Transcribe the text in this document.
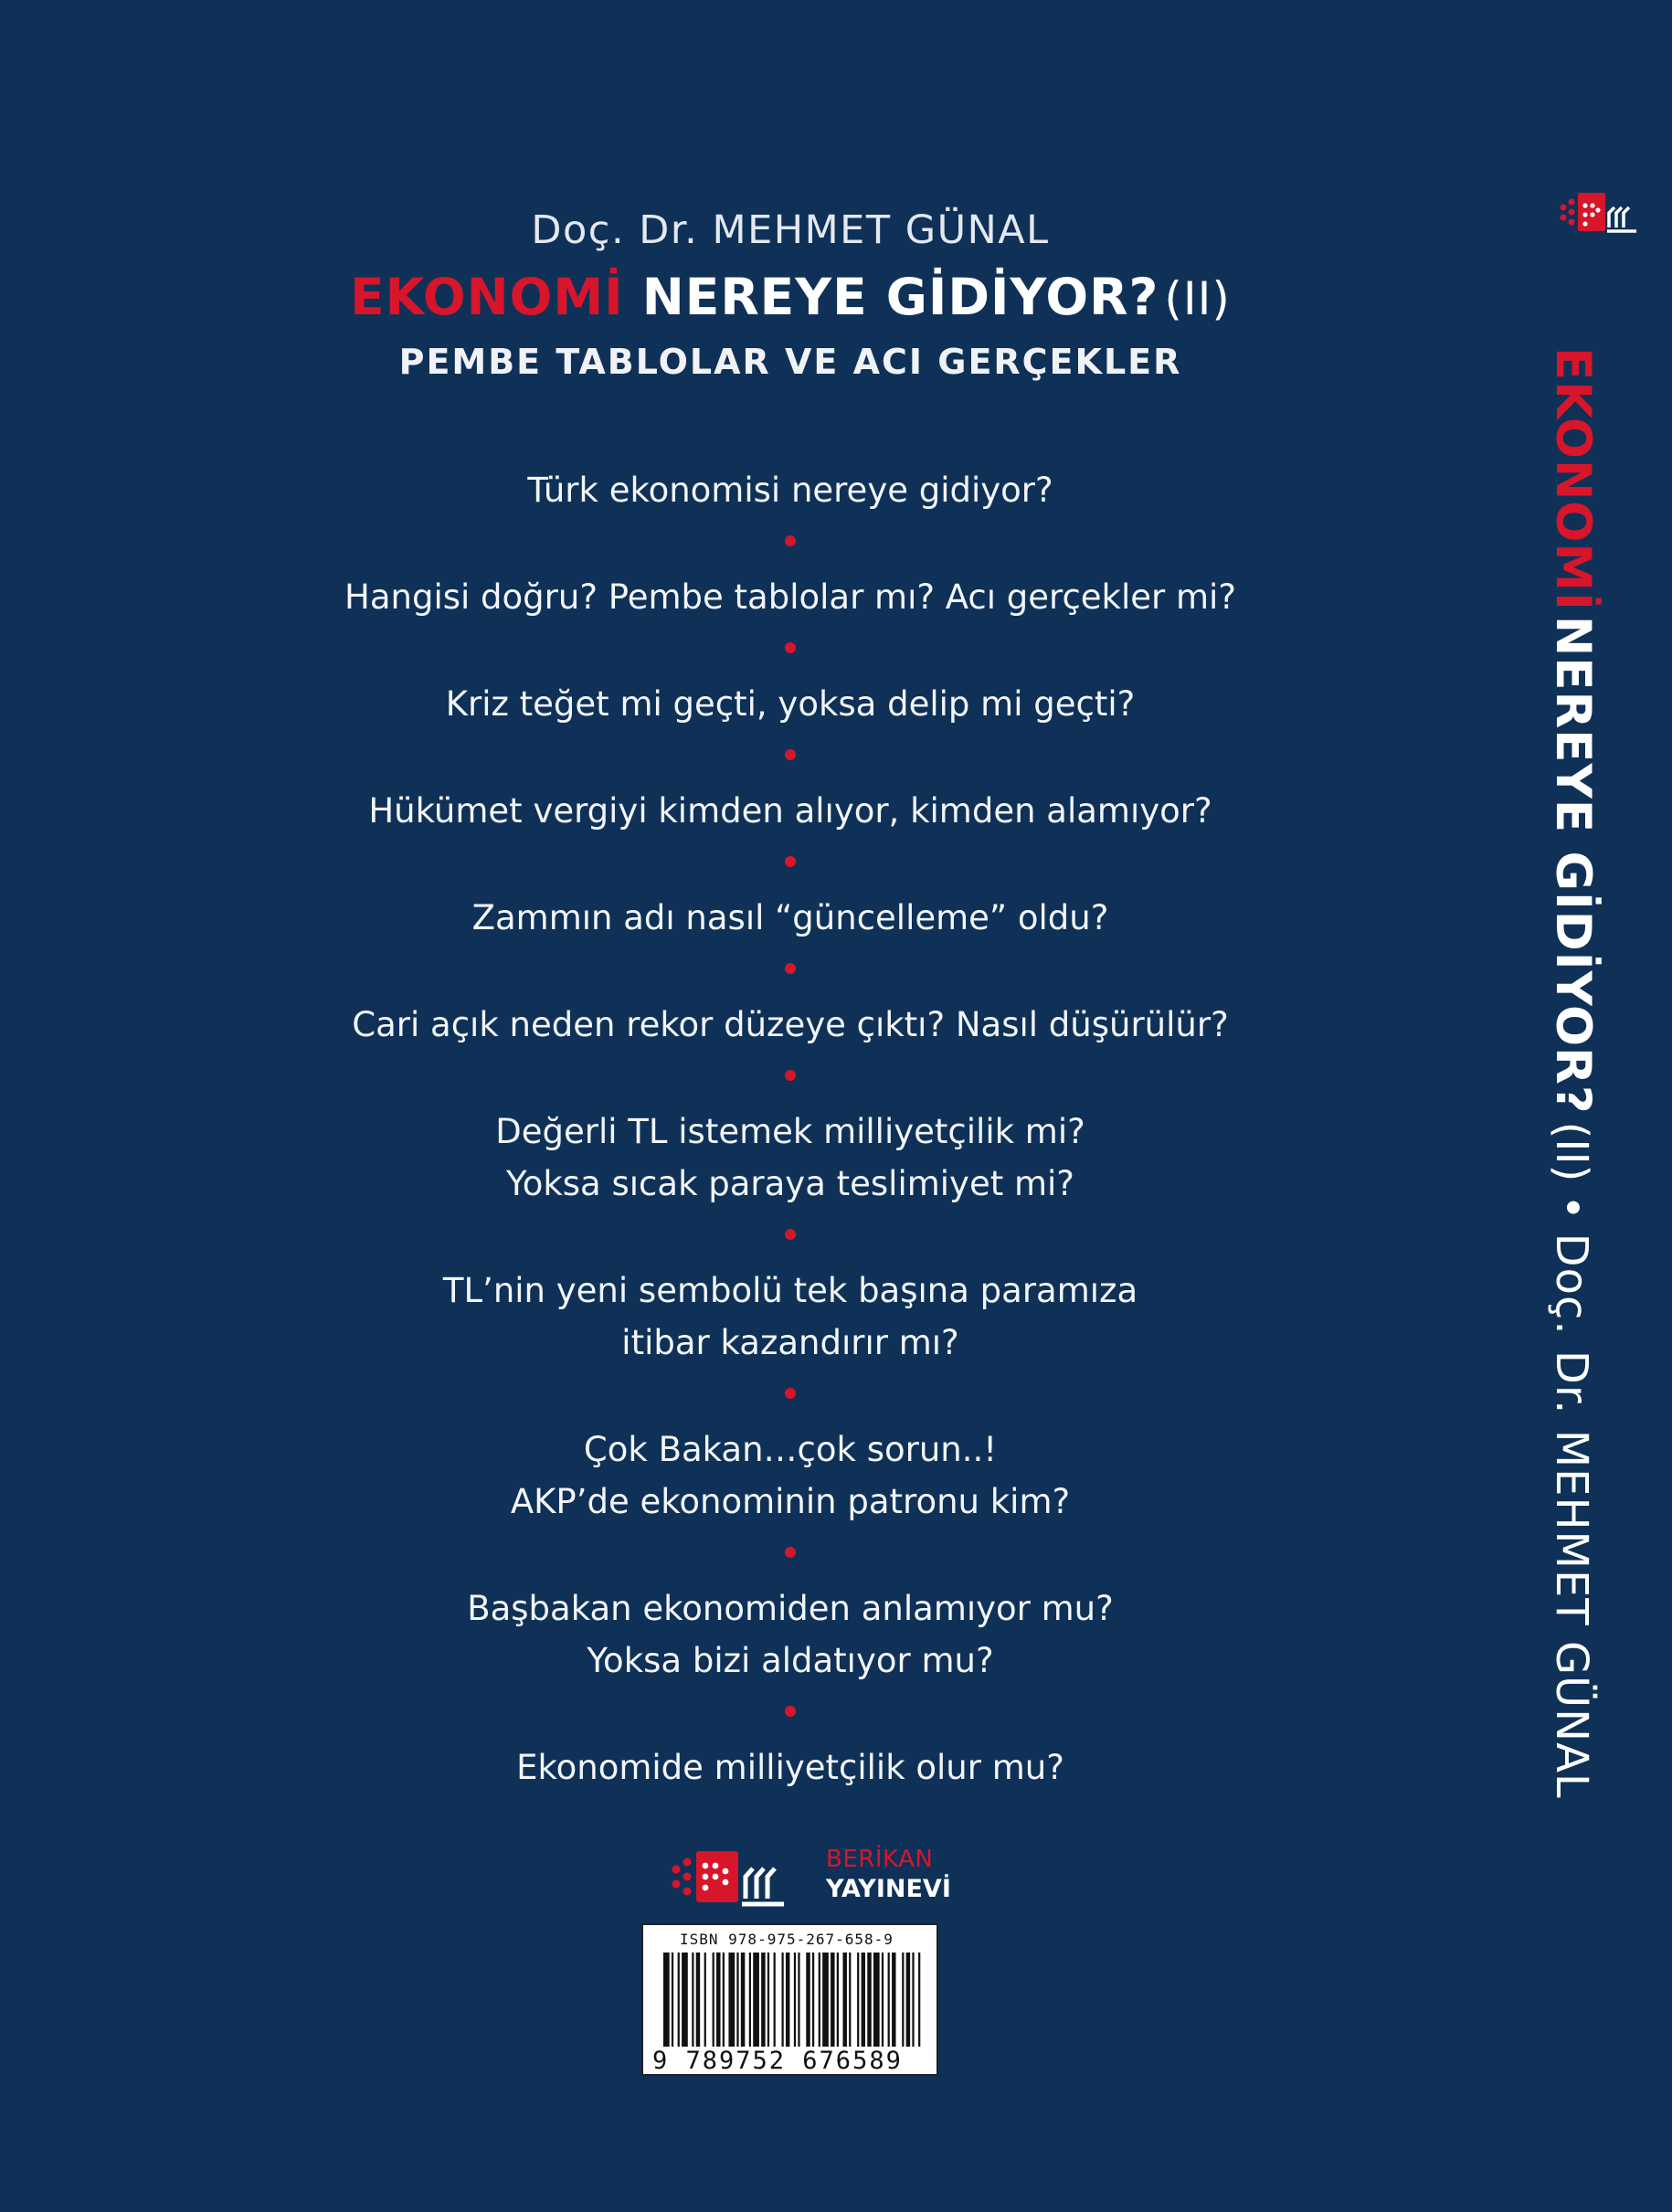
Doç. Dr. MEHMET GÜNAL
EKONOMİ NEREYE GİDİYOR? (II)
PEMBE TABLOLAR VE ACI GERÇEKLER
Türk ekonomisi nereye gidiyor?
Hangisi doğru? Pembe tablolar mı? Acı gerçekler mi?
Kriz teğet mi geçti, yoksa delip mi geçti?
Hükümet vergiyi kimden alıyor, kimden alamıyor?
Zammın adı nasıl “güncelleme” oldu?
Cari açık neden rekor düzeye çıktı? Nasıl düşürülür?
Değerli TL istemek milliyetçilik mi?
Yoksa sıcak paraya teslimiyet mi?
TL’nin yeni sembolü tek başına paramıza
itibar kazandırır mı?
Çok Bakan…çok sorun..!
AKP’de ekonominin patronu kim?
Başbakan ekonomiden anlamıyor mu?
Yoksa bizi aldatıyor mu?
Ekonomide milliyetçilik olur mu?
EKONOMİ NEREYE GİDİYOR?(II)•Doç. Dr. MEHMET GÜNAL
BERİKAN
YAYINEVİ
ISBN 978-975-267-658-9
9 789752 676589
